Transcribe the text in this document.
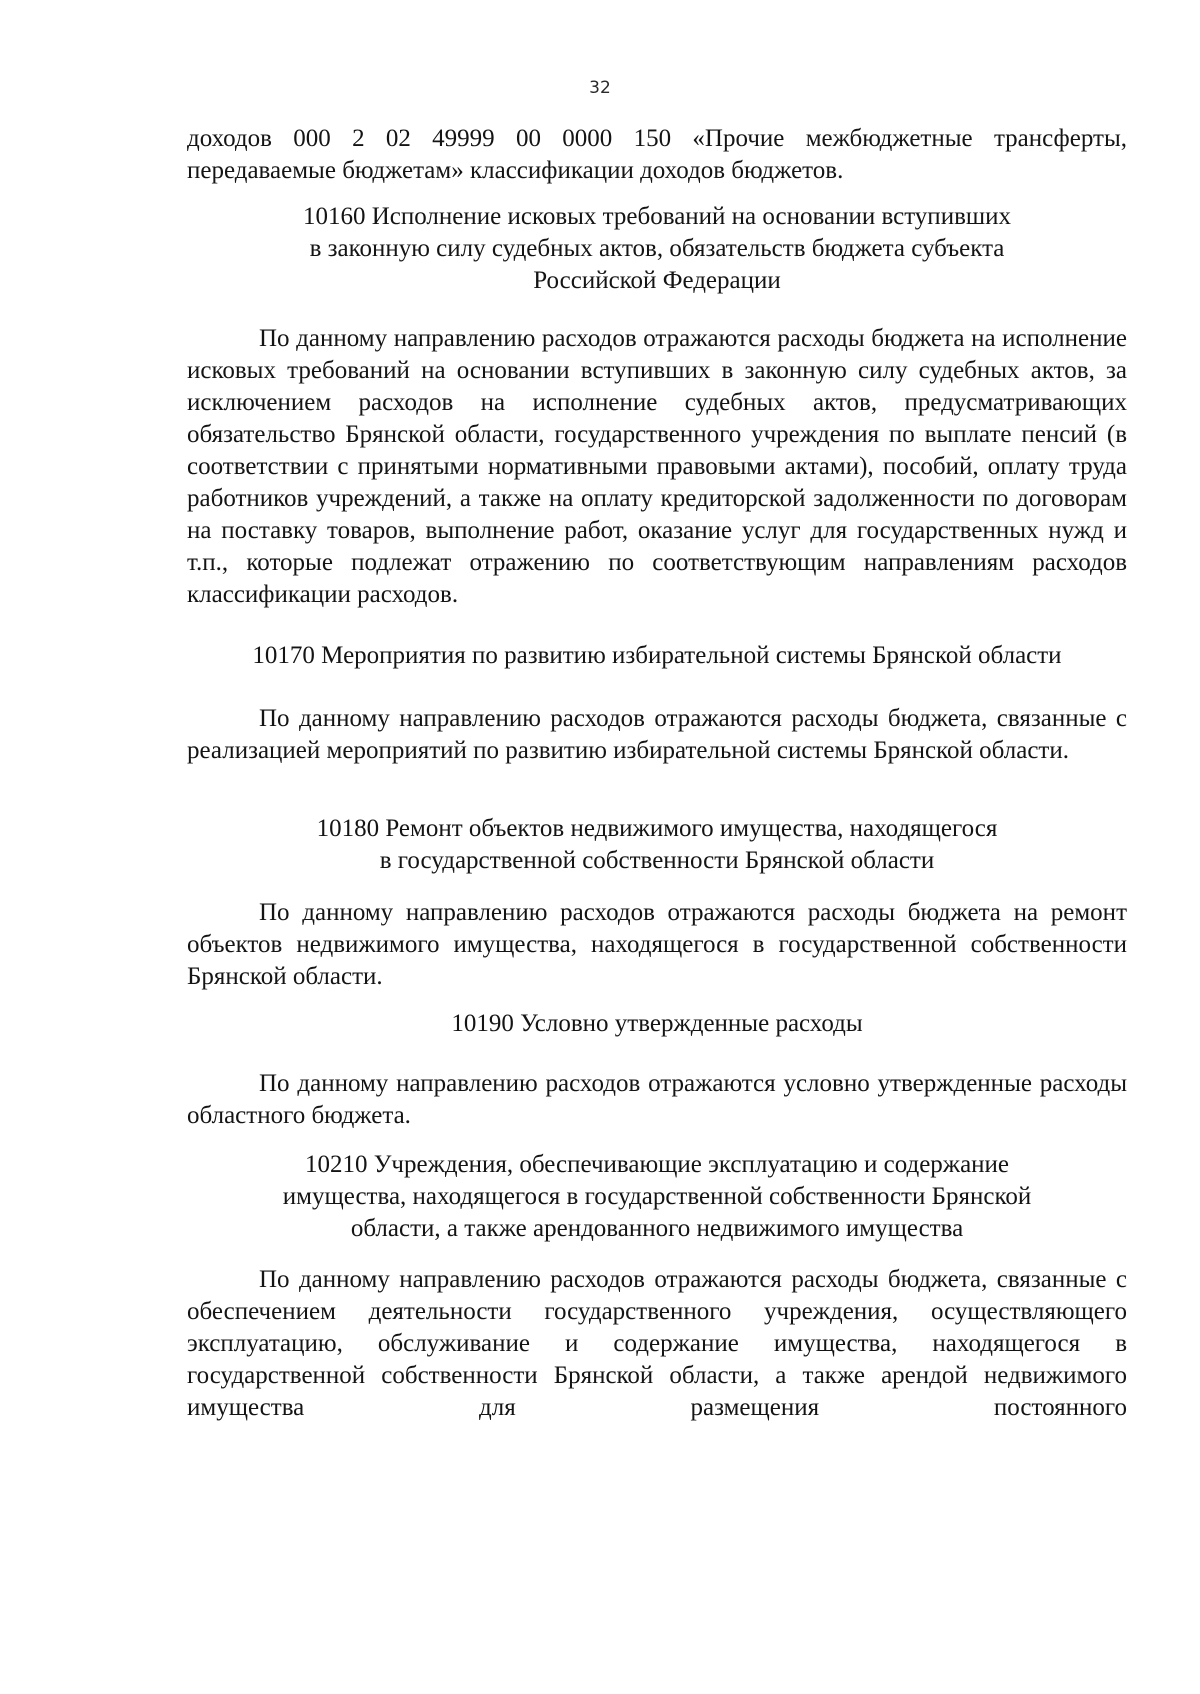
32

доходов 000 2 02 49999 00 0000 150 «Прочие межбюджетные трансферты, передаваемые бюджетам» классификации доходов бюджетов.

10160 Исполнение исковых требований на основании вступивших
в законную силу судебных актов, обязательств бюджета субъекта
Российской Федерации

По данному направлению расходов отражаются расходы бюджета на исполнение исковых требований на основании вступивших в законную силу судебных актов, за исключением расходов на исполнение судебных актов, предусматривающих обязательство Брянской области, государственного учреждения по выплате пенсий (в соответствии с принятыми нормативными правовыми актами), пособий, оплату труда работников учреждений, а также на оплату кредиторской задолженности по договорам на поставку товаров, выполнение работ, оказание услуг для государственных нужд и т.п., которые подлежат отражению по соответствующим направлениям расходов классификации расходов.

10170 Мероприятия по развитию избирательной системы Брянской области

По данному направлению расходов отражаются расходы бюджета, связанные с реализацией мероприятий по развитию избирательной системы Брянской области.

10180 Ремонт объектов недвижимого имущества, находящегося
в государственной собственности Брянской области

По данному направлению расходов отражаются расходы бюджета на ремонт объектов недвижимого имущества, находящегося в государственной собственности Брянской области.

10190 Условно утвержденные расходы

По данному направлению расходов отражаются условно утвержденные расходы областного бюджета.

10210 Учреждения, обеспечивающие эксплуатацию и содержание
имущества, находящегося в государственной собственности Брянской
области, а также арендованного недвижимого имущества

По данному направлению расходов отражаются расходы бюджета, связанные с обеспечением деятельности государственного учреждения, осуществляющего эксплуатацию, обслуживание и содержание имущества, находящегося в государственной собственности Брянской области, а также арендой недвижимого имущества для размещения постоянного
